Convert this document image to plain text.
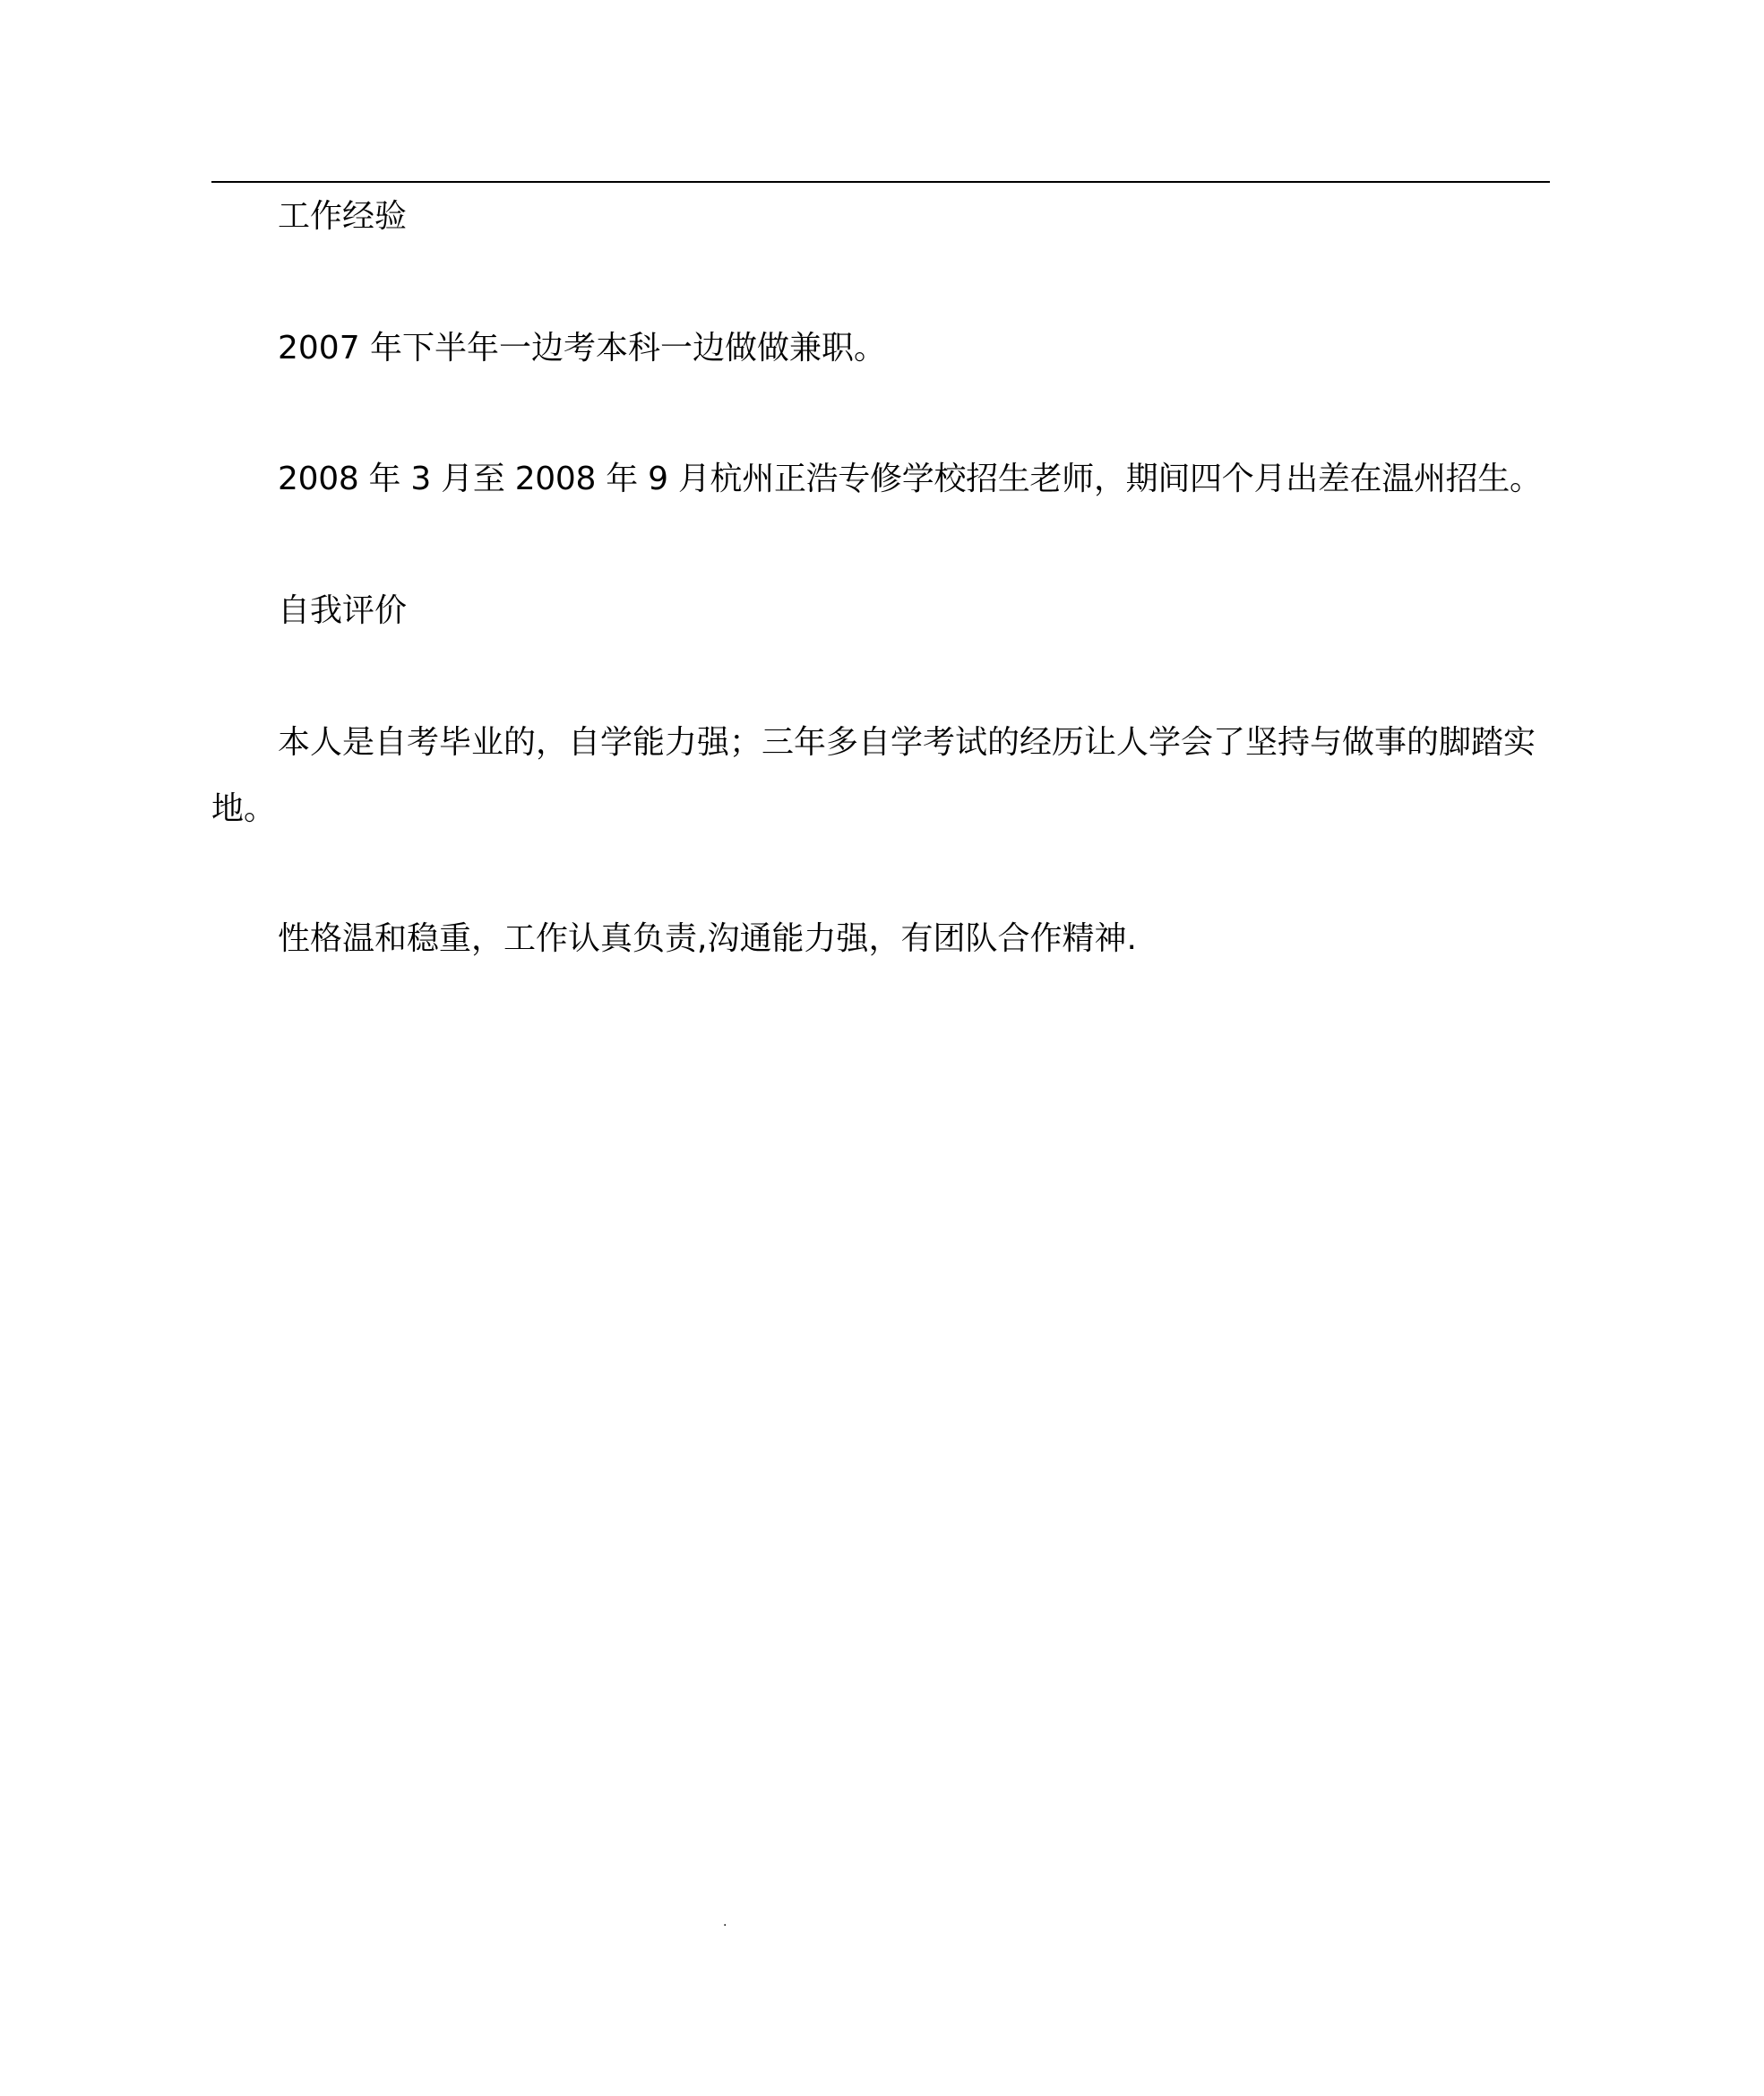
工作经验

2007 年下半年一边考本科一边做做兼职。

2008 年 3 月至 2008 年 9 月杭州正浩专修学校招生老师，期间四个月出差在温州招生。

自我评价

本人是自考毕业的，自学能力强；三年多自学考试的经历让人学会了坚持与做事的脚踏实地。

性格温和稳重，工作认真负责,沟通能力强，有团队合作精神.

.
